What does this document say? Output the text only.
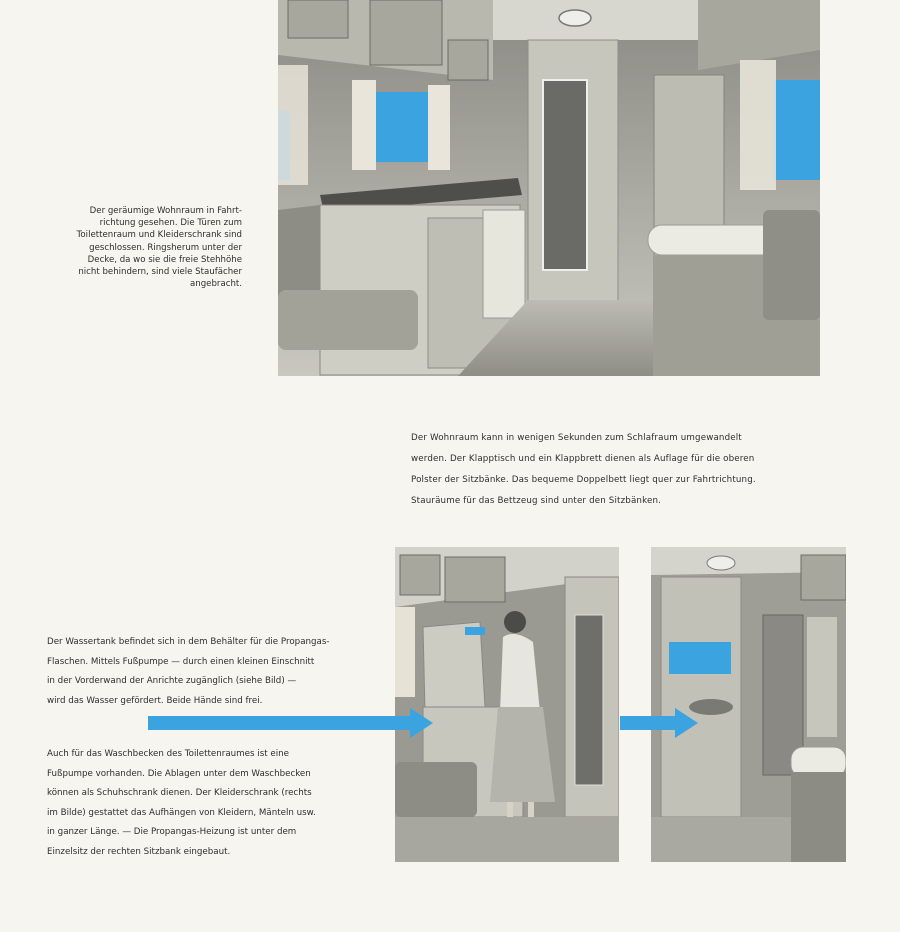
Der geräumige Wohnraum in Fahrt-
richtung gesehen. Die Türen zum
Toilettenraum und Kleiderschrank sind
geschlossen. Ringsherum unter der
Decke, da wo sie die freie Stehhöhe
nicht behindern, sind viele Staufächer
angebracht.
Der Wohnraum kann in wenigen Sekunden zum Schlafraum umgewandelt
werden. Der Klapptisch und ein Klappbrett dienen als Auflage für die oberen
Polster der Sitzbänke. Das bequeme Doppelbett liegt quer zur Fahrtrichtung.
Stauräume für das Bettzeug sind unter den Sitzbänken.
Der Wassertank befindet sich in dem Behälter für die Propangas-
Flaschen. Mittels Fußpumpe — durch einen kleinen Einschnitt
in der Vorderwand der Anrichte zugänglich (siehe Bild) —
wird das Wasser gefördert. Beide Hände sind frei.
Auch für das Waschbecken des Toilettenraumes ist eine
Fußpumpe vorhanden. Die Ablagen unter dem Waschbecken
können als Schuhschrank dienen. Der Kleiderschrank (rechts
im Bilde) gestattet das Aufhängen von Kleidern, Mänteln usw.
in ganzer Länge. — Die Propangas-Heizung ist unter dem
Einzelsitz der rechten Sitzbank eingebaut.
